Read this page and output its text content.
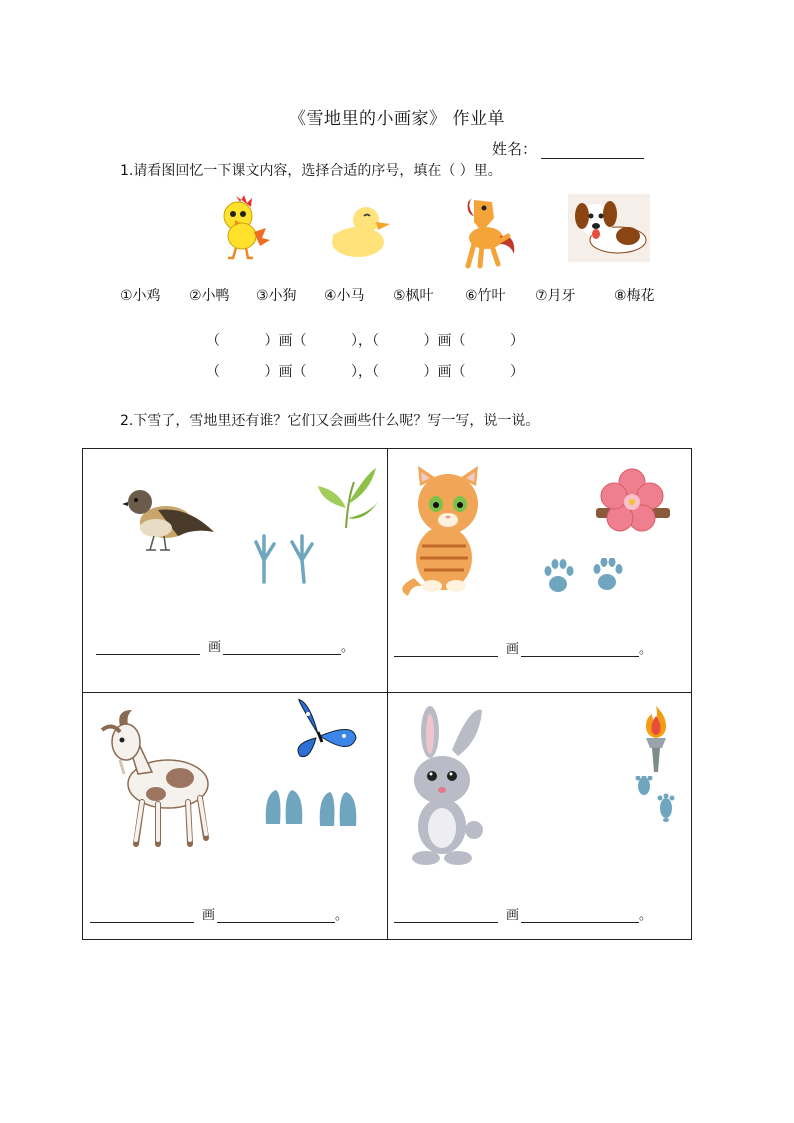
《雪地里的小画家》 作业单
姓名：
1.请看图回忆一下课文内容，选择合适的序号，填在（ ）里。
①小鸡 ②小鸭 ③小狗 ④小马 ⑤枫叶 ⑥竹叶 ⑦月牙	⑧梅花
（          ）画（          ），（          ）画（          ）
（          ）画（          ），（          ）画（          ）
2.下雪了，雪地里还有谁？它们又会画些什么呢？写一写，说一说。
画	。	画	。
画	。	画	。
